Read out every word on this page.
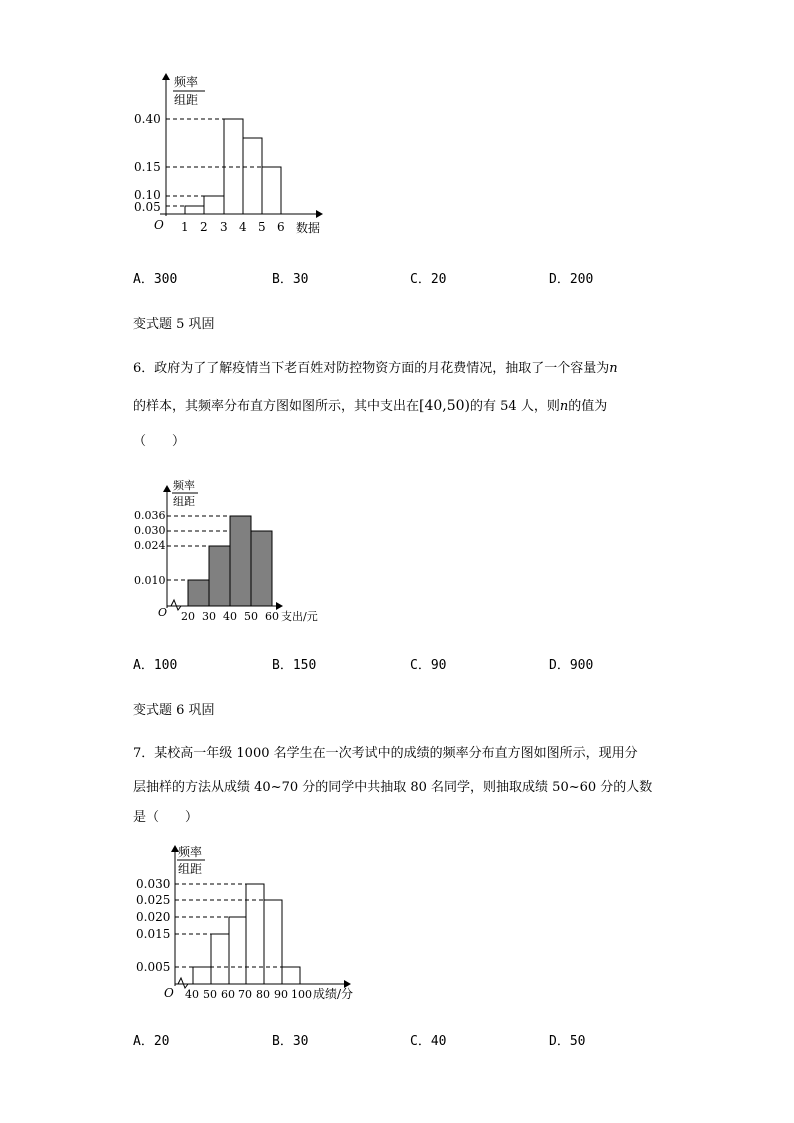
频率
组距
0.40
0.15
0.10
0.05
O 1 2 3 4 5 6 数据
A．300	B．30	C．20	D．200
变式题 5 巩固
6．政府为了了解疫情当下老百姓对防控物资方面的月花费情况，抽取了一个容量为n
的样本，其频率分布直方图如图所示，其中支出在[40,50)的有 54 人，则n的值为
（　　）
频率
组距
0.036
0.030
0.024
0.010
O 20 30 40 50 60 支出/元
A．100	B．150	C．90	D．900
变式题 6 巩固
7．某校高一年级 1000 名学生在一次考试中的成绩的频率分布直方图如图所示，现用分
层抽样的方法从成绩 40~70 分的同学中共抽取 80 名同学，则抽取成绩 50~60 分的人数
是（　　）
频率
组距
0.030
0.025
0.020
0.015
0.005
O 40 50 60 70 80 90 100 成绩/分
A．20	B．30	C．40	D．50
